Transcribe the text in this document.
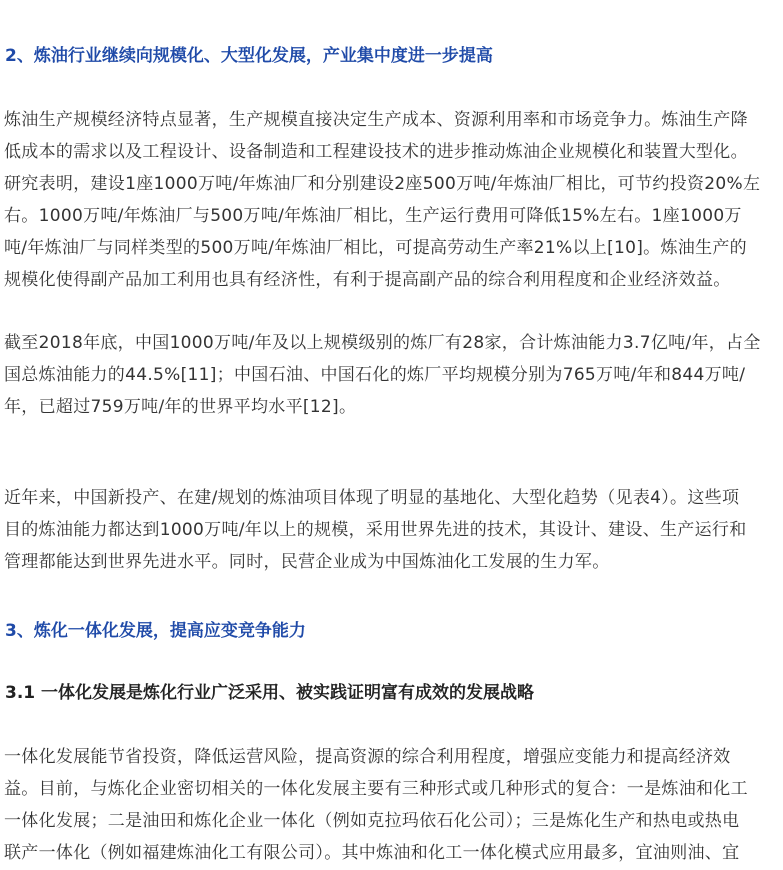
2、炼油行业继续向规模化、大型化发展，产业集中度进一步提高
炼油生产规模经济特点显著，生产规模直接决定生产成本、资源利用率和市场竞争力。炼油生产降
低成本的需求以及工程设计、设备制造和工程建设技术的进步推动炼油企业规模化和装置大型化。
研究表明，建设1座1000万吨/年炼油厂和分别建设2座500万吨/年炼油厂相比，可节约投资20%左
右。1000万吨/年炼油厂与500万吨/年炼油厂相比，生产运行费用可降低15%左右。1座1000万
吨/年炼油厂与同样类型的500万吨/年炼油厂相比，可提高劳动生产率21%以上[10]。炼油生产的
规模化使得副产品加工利用也具有经济性，有利于提高副产品的综合利用程度和企业经济效益。
截至2018年底，中国1000万吨/年及以上规模级别的炼厂有28家，合计炼油能力3.7亿吨/年，占全
国总炼油能力的44.5%[11]；中国石油、中国石化的炼厂平均规模分别为765万吨/年和844万吨/
年，已超过759万吨/年的世界平均水平[12]。
近年来，中国新投产、在建/规划的炼油项目体现了明显的基地化、大型化趋势（见表4）。这些项
目的炼油能力都达到1000万吨/年以上的规模，采用世界先进的技术，其设计、建设、生产运行和
管理都能达到世界先进水平。同时，民营企业成为中国炼油化工发展的生力军。
3、炼化一体化发展，提高应变竞争能力
3.1 一体化发展是炼化行业广泛采用、被实践证明富有成效的发展战略
一体化发展能节省投资，降低运营风险，提高资源的综合利用程度，增强应变能力和提高经济效
益。目前，与炼化企业密切相关的一体化发展主要有三种形式或几种形式的复合：一是炼油和化工
一体化发展；二是油田和炼化企业一体化（例如克拉玛依石化公司）；三是炼化生产和热电或热电
联产一体化（例如福建炼油化工有限公司）。其中炼油和化工一体化模式应用最多，宜油则油、宜
